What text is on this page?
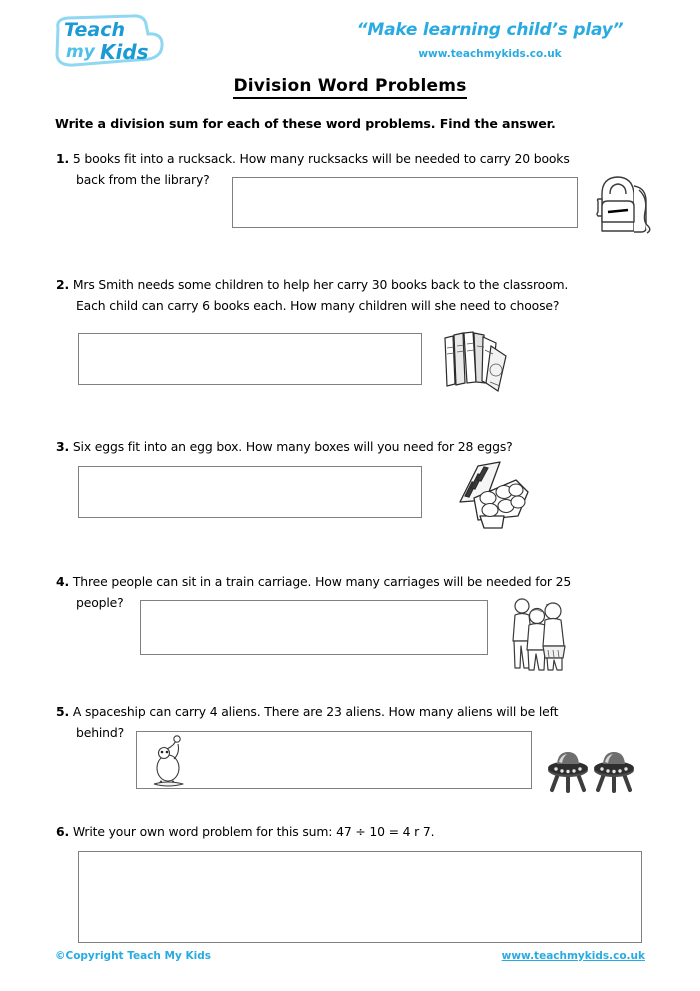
Teach
my Kids
“Make learning child’s play”
www.teachmykids.co.uk
Division Word Problems
Write a division sum for each of these word problems. Find the answer.
1. 5 books fit into a rucksack. How many rucksacks will be needed to carry 20 books
back from the library?
2. Mrs Smith needs some children to help her carry 30 books back to the classroom.
Each child can carry 6 books each. How many children will she need to choose?
3. Six eggs fit into an egg box. How many boxes will you need for 28 eggs?
4. Three people can sit in a train carriage. How many carriages will be needed for 25
people?
5. A spaceship can carry 4 aliens. There are 23 aliens. How many aliens will be left
behind?
6. Write your own word problem for this sum: 47 ÷ 10 = 4 r 7.
©Copyright Teach My Kids	www.teachmykids.co.uk
